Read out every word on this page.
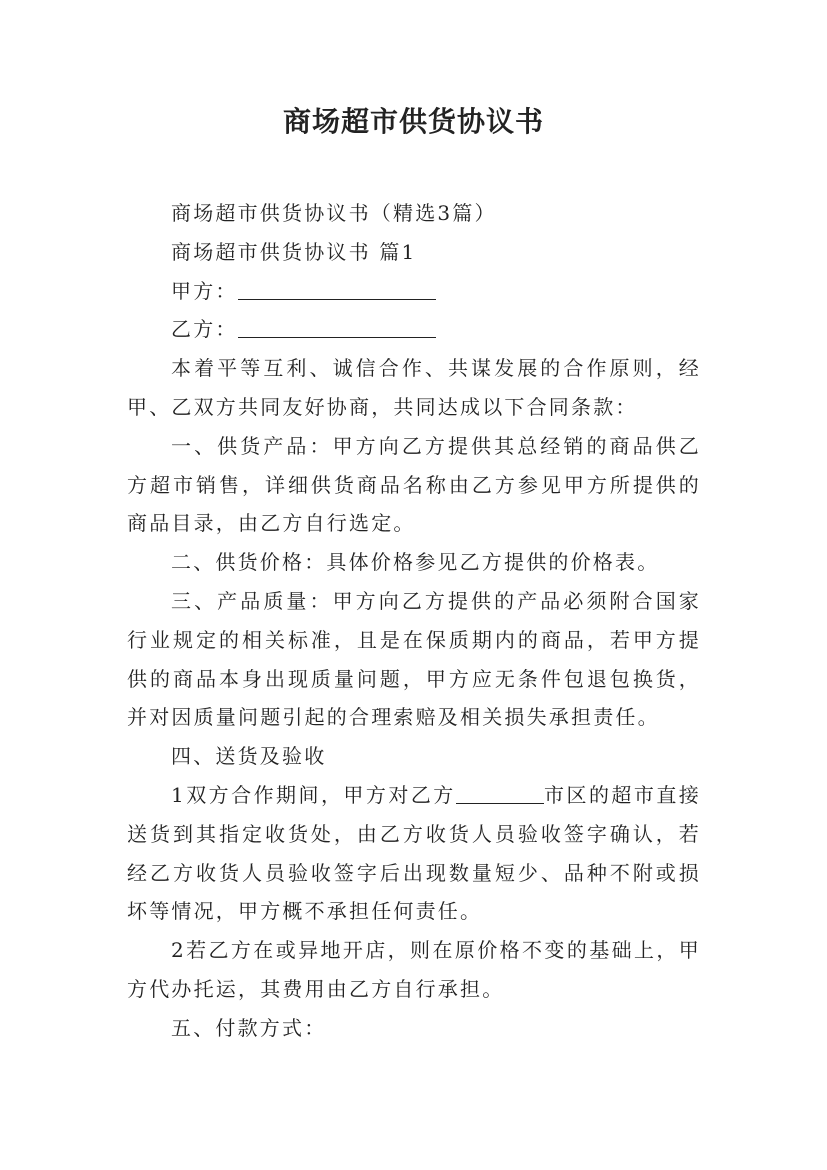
商场超市供货协议书

商场超市供货协议书（精选3篇）

商场超市供货协议书 篇1

甲方：

乙方：

本着平等互利、诚信合作、共谋发展的合作原则，经甲、乙双方共同友好协商，共同达成以下合同条款：

一、供货产品：甲方向乙方提供其总经销的商品供乙方超市销售，详细供货商品名称由乙方参见甲方所提供的商品目录，由乙方自行选定。

二、供货价格：具体价格参见乙方提供的价格表。

三、产品质量：甲方向乙方提供的产品必须附合国家行业规定的相关标准，且是在保质期内的商品，若甲方提供的商品本身出现质量问题，甲方应无条件包退包换货，并对因质量问题引起的合理索赔及相关损失承担责任。

四、送货及验收

1双方合作期间，甲方对乙方	市区的超市直接送货到其指定收货处，由乙方收货人员验收签字确认，若经乙方收货人员验收签字后出现数量短少、品种不附或损坏等情况，甲方概不承担任何责任。

2若乙方在或异地开店，则在原价格不变的基础上，甲方代办托运，其费用由乙方自行承担。

五、付款方式：
